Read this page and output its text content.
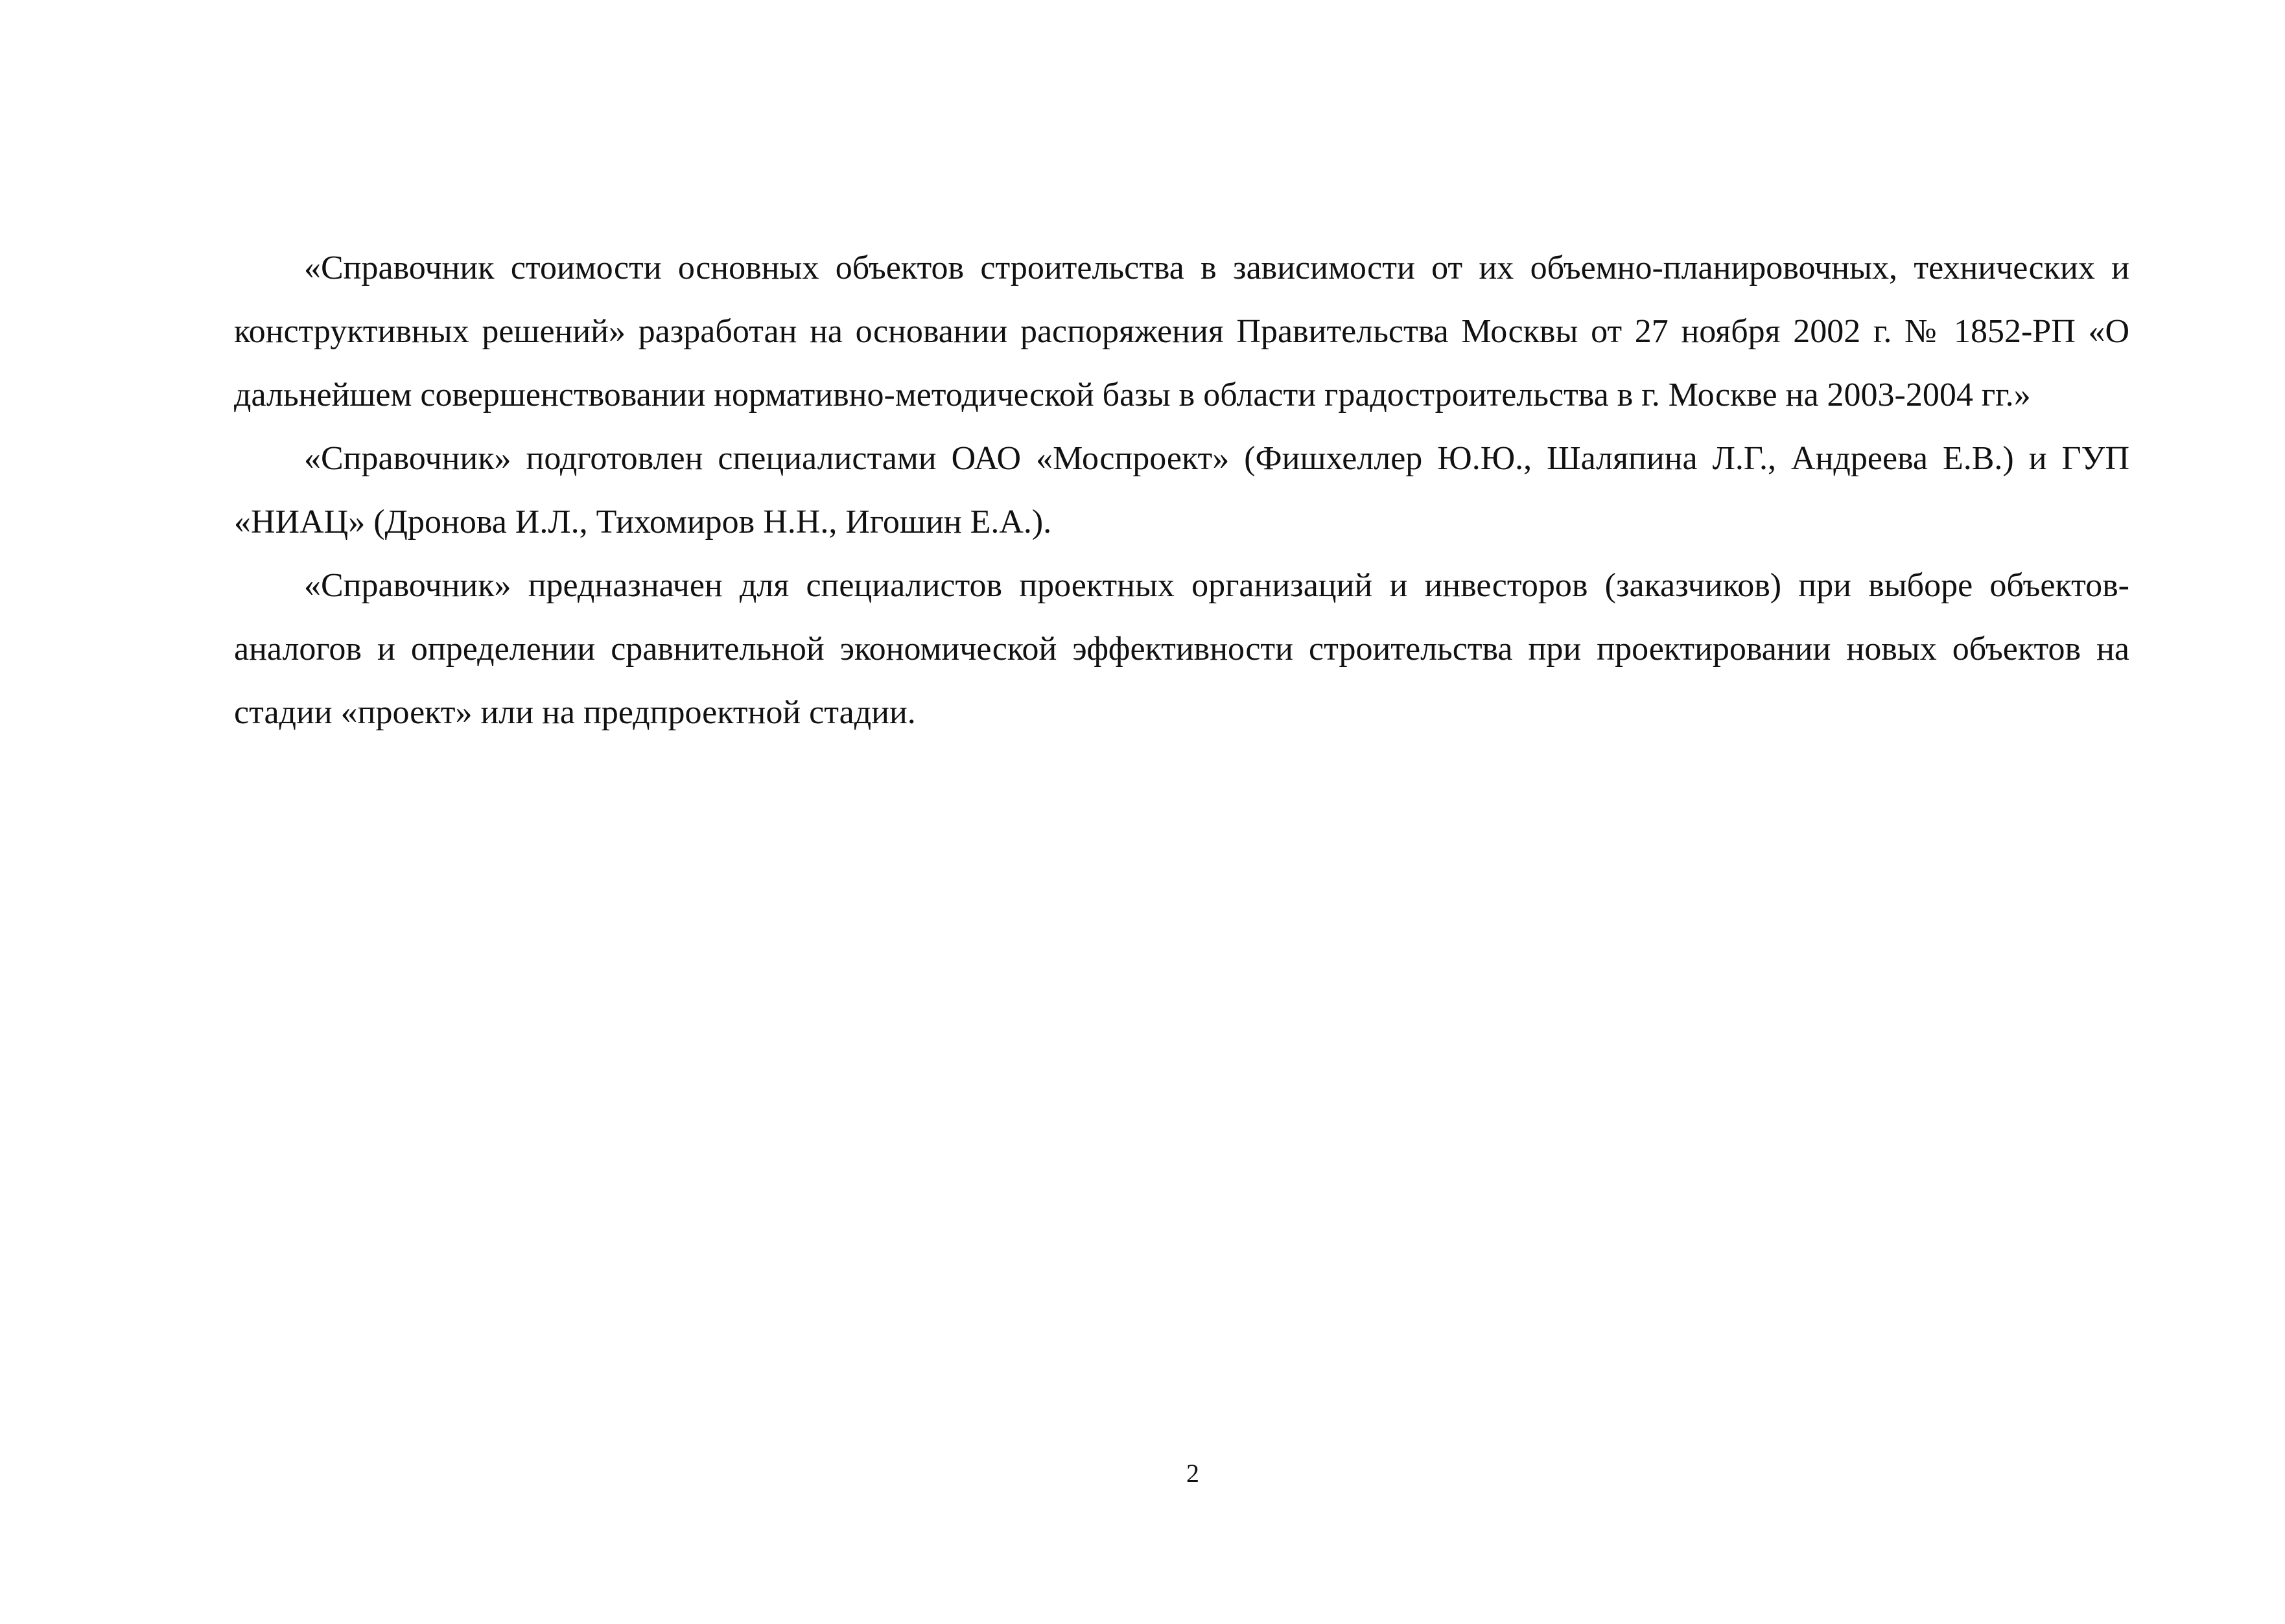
«Справочник стоимости основных объектов строительства в зависимости от их объемно-планировочных, технических и конструктивных решений» разработан на основании распоряжения Правительства Москвы от 27 ноября 2002 г. № 1852-РП «О дальнейшем совершенствовании нормативно-методической базы в области градостроительства в г. Москве на 2003-2004 гг.»

«Справочник» подготовлен специалистами ОАО «Моспроект» (Фишхеллер Ю.Ю., Шаляпина Л.Г., Андреева Е.В.) и ГУП «НИАЦ» (Дронова И.Л., Тихомиров Н.Н., Игошин Е.А.).

«Справочник» предназначен для специалистов проектных организаций и инвесторов (заказчиков) при выборе объектов-аналогов и определении сравнительной экономической эффективности строительства при проектировании новых объектов на стадии «проект» или на предпроектной стадии.

2
